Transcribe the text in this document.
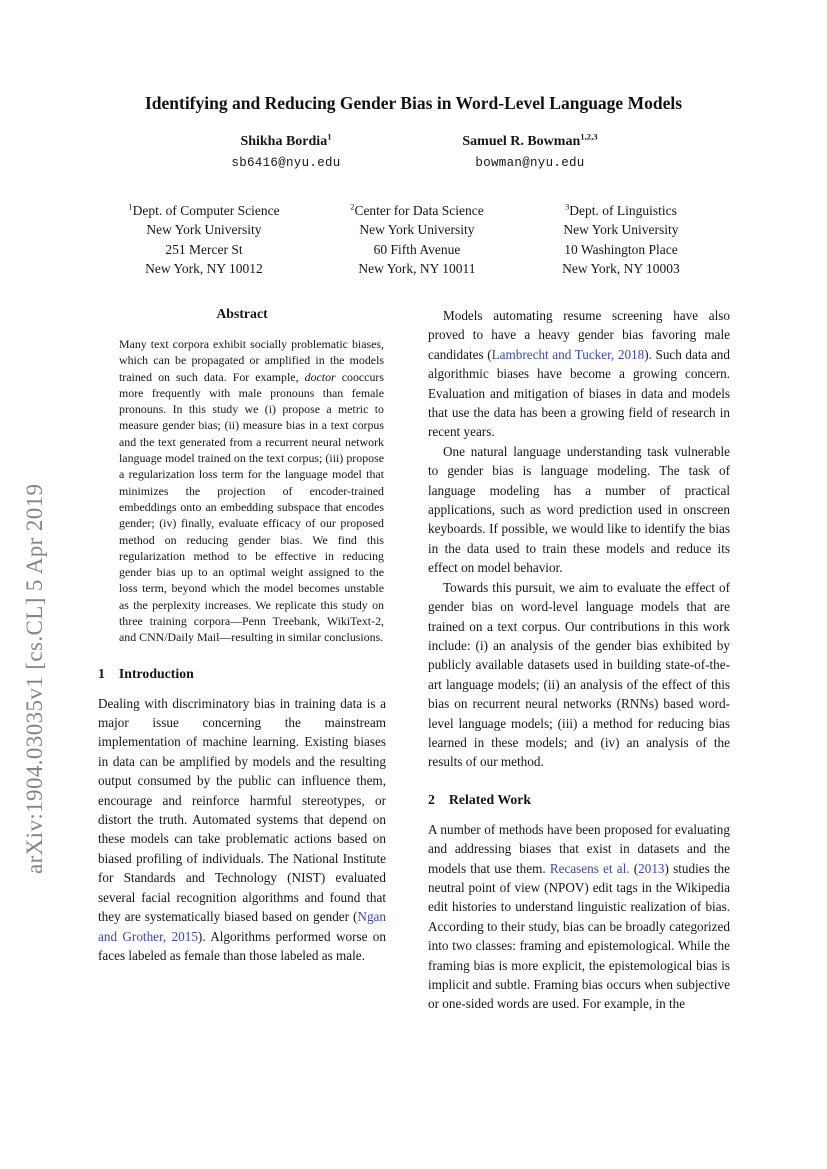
arXiv:1904.03035v1 [cs.CL] 5 Apr 2019
Identifying and Reducing Gender Bias in Word-Level Language Models
Shikha Bordia$^1$
sb6416@nyu.edu
Samuel R. Bowman$^{1,2,3}$
bowman@nyu.edu
$^1$Dept. of Computer Science
New York University
251 Mercer St
New York, NY 10012
$^2$Center for Data Science
New York University
60 Fifth Avenue
New York, NY 10011
$^3$Dept. of Linguistics
New York University
10 Washington Place
New York, NY 10003
Abstract

Many text corpora exhibit socially problematic biases, which can be propagated or amplified in the models trained on such data. For example, doctor cooccurs more frequently with male pronouns than female pronouns. In this study we (i) propose a metric to measure gender bias; (ii) measure bias in a text corpus and the text generated from a recurrent neural network language model trained on the text corpus; (iii) propose a regularization loss term for the language model that minimizes the projection of encoder-trained embeddings onto an embedding subspace that encodes gender; (iv) finally, evaluate efficacy of our proposed method on reducing gender bias. We find this regularization method to be effective in reducing gender bias up to an optimal weight assigned to the loss term, beyond which the model becomes unstable as the perplexity increases. We replicate this study on three training corpora—Penn Treebank, WikiText-2, and CNN/Daily Mail—resulting in similar conclusions.

1 Introduction

Dealing with discriminatory bias in training data is a major issue concerning the mainstream implementation of machine learning. Existing biases in data can be amplified by models and the resulting output consumed by the public can influence them, encourage and reinforce harmful stereotypes, or distort the truth. Automated systems that depend on these models can take problematic actions based on biased profiling of individuals. The National Institute for Standards and Technology (NIST) evaluated several facial recognition algorithms and found that they are systematically biased based on gender (Ngan and Grother, 2015). Algorithms performed worse on faces labeled as female than those labeled as male.

Models automating resume screening have also proved to have a heavy gender bias favoring male candidates (Lambrecht and Tucker, 2018). Such data and algorithmic biases have become a growing concern. Evaluation and mitigation of biases in data and models that use the data has been a growing field of research in recent years.

One natural language understanding task vulnerable to gender bias is language modeling. The task of language modeling has a number of practical applications, such as word prediction used in onscreen keyboards. If possible, we would like to identify the bias in the data used to train these models and reduce its effect on model behavior.

Towards this pursuit, we aim to evaluate the effect of gender bias on word-level language models that are trained on a text corpus. Our contributions in this work include: (i) an analysis of the gender bias exhibited by publicly available datasets used in building state-of-the-art language models; (ii) an analysis of the effect of this bias on recurrent neural networks (RNNs) based word-level language models; (iii) a method for reducing bias learned in these models; and (iv) an analysis of the results of our method.

2 Related Work

A number of methods have been proposed for evaluating and addressing biases that exist in datasets and the models that use them. Recasens et al. (2013) studies the neutral point of view (NPOV) edit tags in the Wikipedia edit histories to understand linguistic realization of bias. According to their study, bias can be broadly categorized into two classes: framing and epistemological. While the framing bias is more explicit, the epistemological bias is implicit and subtle. Framing bias occurs when subjective or one-sided words are used. For example, in the
